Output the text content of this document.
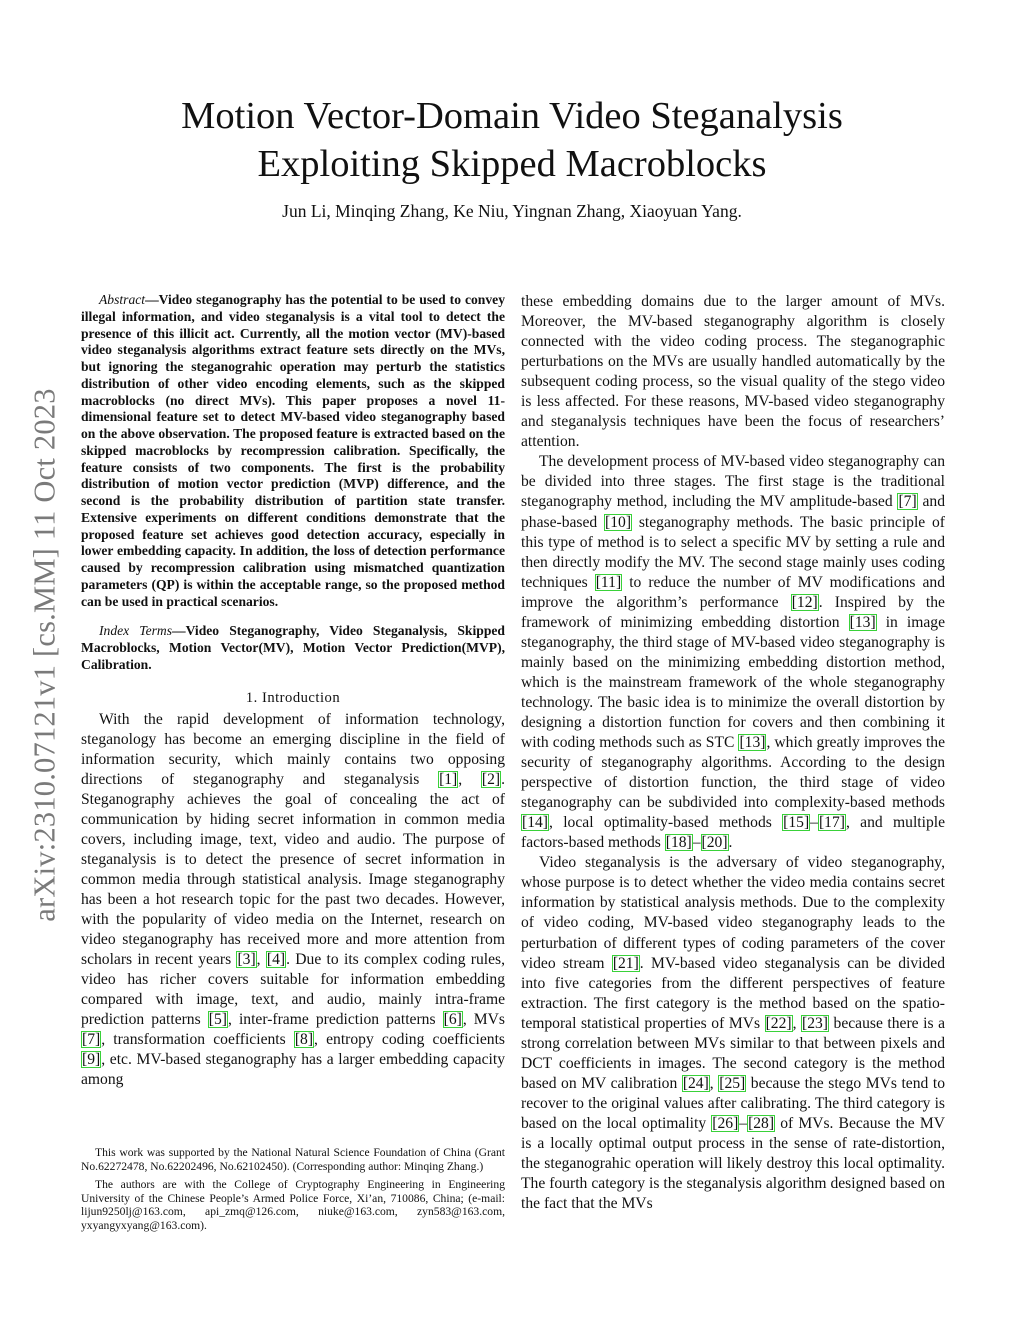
arXiv:2310.07121v1 [cs.MM] 11 Oct 2023
Motion Vector-Domain Video Steganalysis
Exploiting Skipped Macroblocks
Jun Li, Minqing Zhang, Ke Niu, Yingnan Zhang, Xiaoyuan Yang.

Abstract—Video steganography has the potential to be used to convey illegal information, and video steganalysis is a vital tool to detect the presence of this illicit act. Currently, all the motion vector (MV)-based video steganalysis algorithms extract feature sets directly on the MVs, but ignoring the steganograhic operation may perturb the statistics distribution of other video encoding elements, such as the skipped macroblocks (no direct MVs). This paper proposes a novel 11-dimensional feature set to detect MV-based video steganography based on the above observation. The proposed feature is extracted based on the skipped macroblocks by recompression calibration. Specifically, the feature consists of two components. The first is the probability distribution of motion vector prediction (MVP) difference, and the second is the probability distribution of partition state transfer. Extensive experiments on different conditions demonstrate that the proposed feature set achieves good detection accuracy, especially in lower embedding capacity. In addition, the loss of detection performance caused by recompression calibration using mismatched quantization parameters (QP) is within the acceptable range, so the proposed method can be used in practical scenarios.

Index Terms—Video Steganography, Video Steganalysis, Skipped Macroblocks, Motion Vector(MV), Motion Vector Prediction(MVP), Calibration.

1. Introduction

With the rapid development of information technology, steganology has become an emerging discipline in the field of information security, which mainly contains two opposing directions of steganography and steganalysis [1], [2]. Steganography achieves the goal of concealing the act of communication by hiding secret information in common media covers, including image, text, video and audio. The purpose of steganalysis is to detect the presence of secret information in common media through statistical analysis. Image steganography has been a hot research topic for the past two decades. However, with the popularity of video media on the Internet, research on video steganography has received more and more attention from scholars in recent years [3], [4]. Due to its complex coding rules, video has richer covers suitable for information embedding compared with image, text, and audio, mainly intra-frame prediction patterns [5], inter-frame prediction patterns [6], MVs [7], transformation coefficients [8], entropy coding coefficients [9], etc. MV-based steganography has a larger embedding capacity among

This work was supported by the National Natural Science Foundation of China (Grant No.62272478, No.62202496, No.62102450). (Corresponding author: Minqing Zhang.)

The authors are with the College of Cryptography Engineering in Engineering University of the Chinese People’s Armed Police Force, Xi’an, 710086, China; (e-mail: lijun9250lj@163.com, api_zmq@126.com, niuke@163.com, zyn583@163.com, yxyangyxyang@163.com).

these embedding domains due to the larger amount of MVs. Moreover, the MV-based steganography algorithm is closely connected with the video coding process. The steganographic perturbations on the MVs are usually handled automatically by the subsequent coding process, so the visual quality of the stego video is less affected. For these reasons, MV-based video steganography and steganalysis techniques have been the focus of researchers’ attention.

The development process of MV-based video steganography can be divided into three stages. The first stage is the traditional steganography method, including the MV amplitude-based [7] and phase-based [10] steganography methods. The basic principle of this type of method is to select a specific MV by setting a rule and then directly modify the MV. The second stage mainly uses coding techniques [11] to reduce the number of MV modifications and improve the algorithm’s performance [12]. Inspired by the framework of minimizing embedding distortion [13] in image steganography, the third stage of MV-based video steganography is mainly based on the minimizing embedding distortion method, which is the mainstream framework of the whole steganography technology. The basic idea is to minimize the overall distortion by designing a distortion function for covers and then combining it with coding methods such as STC [13], which greatly improves the security of steganography algorithms. According to the design perspective of distortion function, the third stage of video steganography can be subdivided into complexity-based methods [14], local optimality-based methods [15]–[17], and multiple factors-based methods [18]–[20].

Video steganalysis is the adversary of video steganography, whose purpose is to detect whether the video media contains secret information by statistical analysis methods. Due to the complexity of video coding, MV-based video steganography leads to the perturbation of different types of coding parameters of the cover video stream [21]. MV-based video steganalysis can be divided into five categories from the different perspectives of feature extraction. The first category is the method based on the spatio-temporal statistical properties of MVs [22], [23] because there is a strong correlation between MVs similar to that between pixels and DCT coefficients in images. The second category is the method based on MV calibration [24], [25] because the stego MVs tend to recover to the original values after calibrating. The third category is based on the local optimality [26]–[28] of MVs. Because the MV is a locally optimal output process in the sense of rate-distortion, the steganograhic operation will likely destroy this local optimality. The fourth category is the steganalysis algorithm designed based on the fact that the MVs
